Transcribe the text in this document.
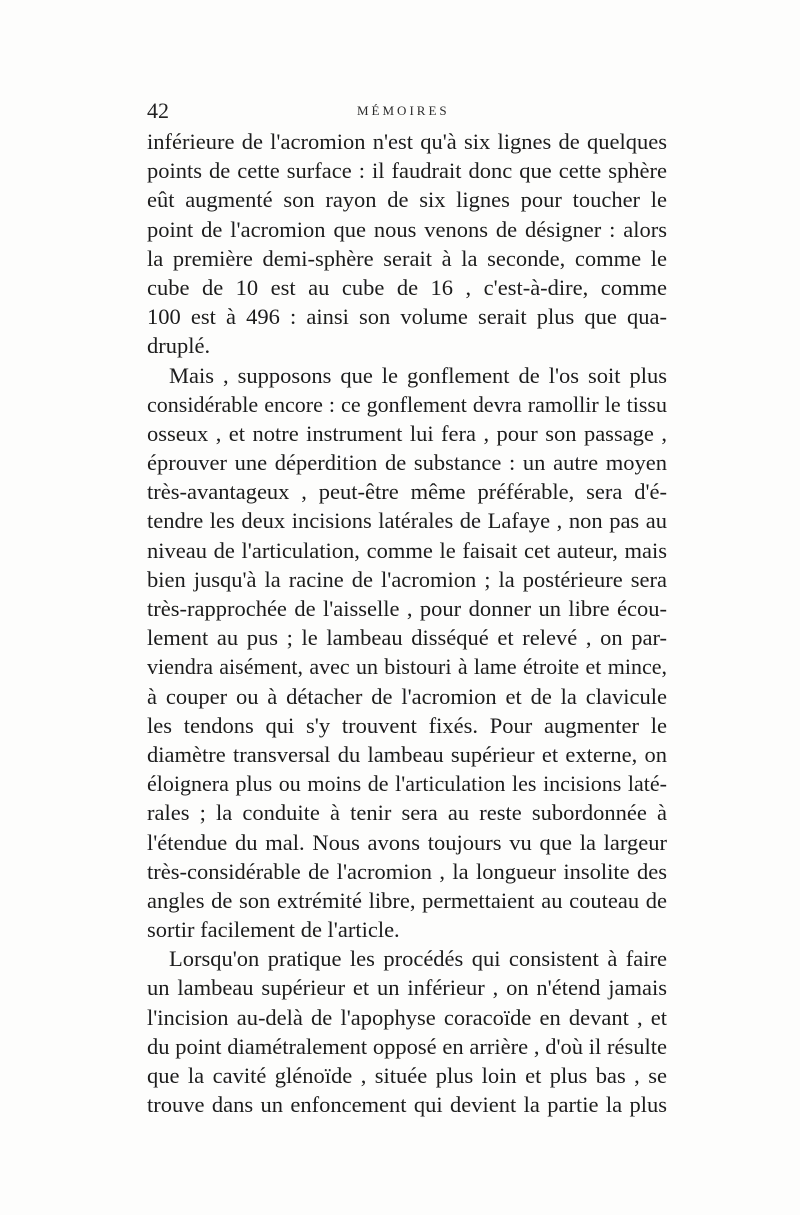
42	MÉMOIRES
inférieure de l'acromion n'est qu'à six lignes de quelques
points de cette surface : il faudrait donc que cette sphère
eût augmenté son rayon de six lignes pour toucher le
point de l'acromion que nous venons de désigner : alors
la première demi-sphère serait à la seconde, comme le
cube de 10 est au cube de 16 , c'est-à-dire, comme
100 est à 496 : ainsi son volume serait plus que qua-
druplé.
Mais , supposons que le gonflement de l'os soit plus
considérable encore : ce gonflement devra ramollir le tissu
osseux , et notre instrument lui fera , pour son passage ,
éprouver une déperdition de substance : un autre moyen
très-avantageux , peut-être même préférable, sera d'é-
tendre les deux incisions latérales de Lafaye , non pas au
niveau de l'articulation, comme le faisait cet auteur, mais
bien jusqu'à la racine de l'acromion ; la postérieure sera
très-rapprochée de l'aisselle , pour donner un libre écou-
lement au pus ; le lambeau disséqué et relevé , on par-
viendra aisément, avec un bistouri à lame étroite et mince,
à couper ou à détacher de l'acromion et de la clavicule
les tendons qui s'y trouvent fixés. Pour augmenter le
diamètre transversal du lambeau supérieur et externe, on
éloignera plus ou moins de l'articulation les incisions laté-
rales ; la conduite à tenir sera au reste subordonnée à
l'étendue du mal. Nous avons toujours vu que la largeur
très-considérable de l'acromion , la longueur insolite des
angles de son extrémité libre, permettaient au couteau de
sortir facilement de l'article.
Lorsqu'on pratique les procédés qui consistent à faire
un lambeau supérieur et un inférieur , on n'étend jamais
l'incision au-delà de l'apophyse coracoïde en devant , et
du point diamétralement opposé en arrière , d'où il résulte
que la cavité glénoïde , située plus loin et plus bas , se
trouve dans un enfoncement qui devient la partie la plus
